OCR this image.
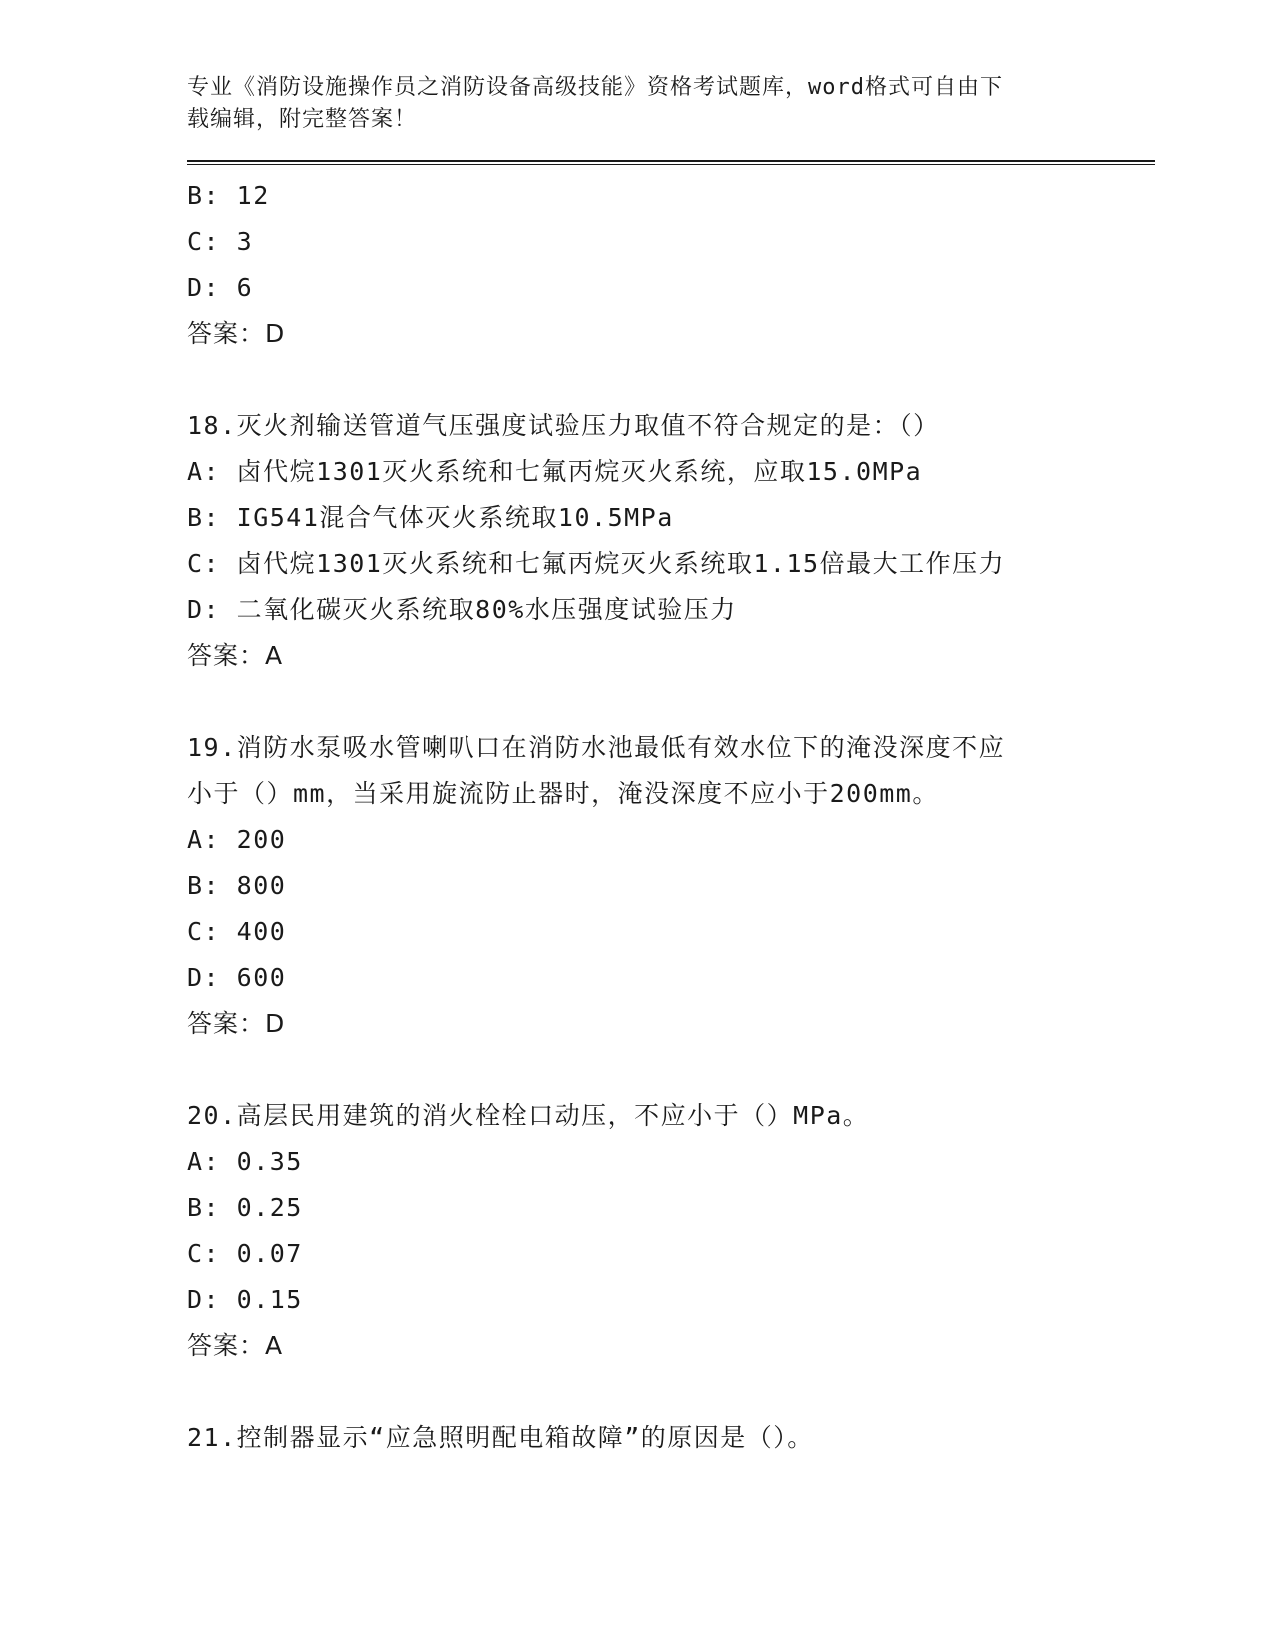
专业《消防设施操作员之消防设备高级技能》资格考试题库，word格式可自由下
载编辑，附完整答案！
B: 12
C: 3
D: 6
答案：D
18.灭火剂输送管道气压强度试验压力取值不符合规定的是：（）
A: 卤代烷1301灭火系统和七氟丙烷灭火系统，应取15.0MPa
B: IG541混合气体灭火系统取10.5MPa
C: 卤代烷1301灭火系统和七氟丙烷灭火系统取1.15倍最大工作压力
D: 二氧化碳灭火系统取80%水压强度试验压力
答案：A
19.消防水泵吸水管喇叭口在消防水池最低有效水位下的淹没深度不应
小于（）mm，当采用旋流防止器时，淹没深度不应小于200mm。
A: 200
B: 800
C: 400
D: 600
答案：D
20.高层民用建筑的消火栓栓口动压，不应小于（）MPa。
A: 0.35
B: 0.25
C: 0.07
D: 0.15
答案：A
21.控制器显示“应急照明配电箱故障”的原因是（）。
